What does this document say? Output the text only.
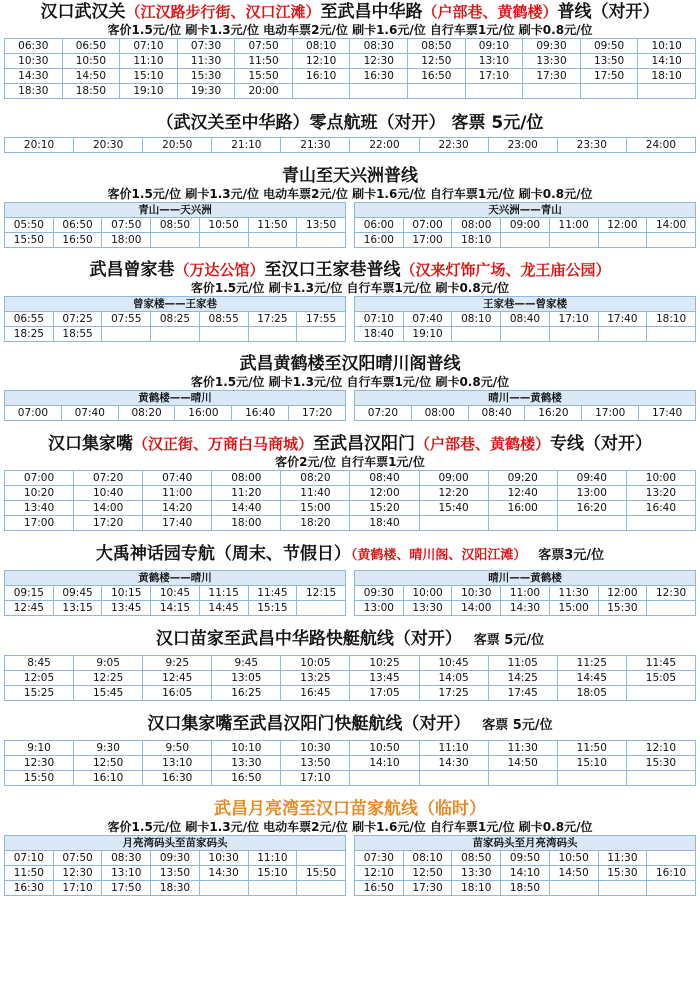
汉口武汉关（江汉路步行街、汉口江滩）至武昌中华路（户部巷、黄鹤楼）普线（对开）
客价1.5元/位 刷卡1.3元/位 电动车票2元/位 刷卡1.6元/位 自行车票1元/位 刷卡0.8元/位
06:30	06:50	07:10	07:30	07:50	08:10	08:30	08:50	09:10	09:30	09:50	10:10
10:30	10:50	11:10	11:30	11:50	12:10	12:30	12:50	13:10	13:30	13:50	14:10
14:30	14:50	15:10	15:30	15:50	16:10	16:30	16:50	17:10	17:30	17:50	18:10
18:30	18:50	19:10	19:30	20:00							
（武汉关至中华路）零点航班（对开） 客票 5元/位
20:10	20:30	20:50	21:10	21:30	22:00	22:30	23:00	23:30	24:00
青山至天兴洲普线
客价1.5元/位 刷卡1.3元/位 电动车票2元/位 刷卡1.6元/位 自行车票1元/位 刷卡0.8元/位
青山——天兴洲						
05:50	06:50	07:50	08:50	10:50	11:50	13:50
15:50	16:50	18:00				
天兴洲——青山						
06:00	07:00	08:00	09:00	11:00	12:00	14:00
16:00	17:00	18:10				
武昌曾家巷（万达公馆）至汉口王家巷普线（汉来灯饰广场、龙王庙公园）
客价1.5元/位 刷卡1.3元/位 自行车票1元/位 刷卡0.8元/位
曾家楼——王家巷						
06:55	07:25	07:55	08:25	08:55	17:25	17:55
18:25	18:55					
王家巷——曾家楼						
07:10	07:40	08:10	08:40	17:10	17:40	18:10
18:40	19:10					
武昌黄鹤楼至汉阳晴川阁普线
客价1.5元/位 刷卡1.3元/位 自行车票1元/位 刷卡0.8元/位
黄鹤楼——晴川
07:00	07:40	08:20	16:00	16:40	17:20
晴川——黄鹤楼
07:20	08:00	08:40	16:20	17:00	17:40
汉口集家嘴（汉正街、万商白马商城）至武昌汉阳门（户部巷、黄鹤楼）专线（对开）
客价2元/位 自行车票1元/位
07:00	07:20	07:40	08:00	08:20	08:40	09:00	09:20	09:40	10:00
10:20	10:40	11:00	11:20	11:40	12:00	12:20	12:40	13:00	13:20
13:40	14:00	14:20	14:40	15:00	15:20	15:40	16:00	16:20	16:40
17:00	17:20	17:40	18:00	18:20	18:40				
大禹神话园专航（周末、节假日）（黄鹤楼、晴川阁、汉阳江滩） 客票3元/位
黄鹤楼——晴川						
09:15	09:45	10:15	10:45	11:15	11:45	12:15
12:45	13:15	13:45	14:15	14:45	15:15	
晴川——黄鹤楼						
09:30	10:00	10:30	11:00	11:30	12:00	12:30
13:00	13:30	14:00	14:30	15:00	15:30	
汉口苗家至武昌中华路快艇航线（对开） 客票 5元/位
8:45	9:05	9:25	9:45	10:05	10:25	10:45	11:05	11:25	11:45
12:05	12:25	12:45	13:05	13:25	13:45	14:05	14:25	14:45	15:05
15:25	15:45	16:05	16:25	16:45	17:05	17:25	17:45	18:05	
汉口集家嘴至武昌汉阳门快艇航线（对开） 客票 5元/位
9:10	9:30	9:50	10:10	10:30	10:50	11:10	11:30	11:50	12:10
12:30	12:50	13:10	13:30	13:50	14:10	14:30	14:50	15:10	15:30
15:50	16:10	16:30	16:50	17:10					
武昌月亮湾至汉口苗家航线（临时）
客价1.5元/位 刷卡1.3元/位 电动车票2元/位 刷卡1.6元/位 自行车票1元/位 刷卡0.8元/位
月亮湾码头至苗家码头						
07:10	07:50	08:30	09:30	10:30	11:10	
11:50	12:30	13:10	13:50	14:30	15:10	15:50
16:30	17:10	17:50	18:30			
苗家码头至月亮湾码头						
07:30	08:10	08:50	09:50	10:50	11:30	
12:10	12:50	13:30	14:10	14:50	15:30	16:10
16:50	17:30	18:10	18:50			
